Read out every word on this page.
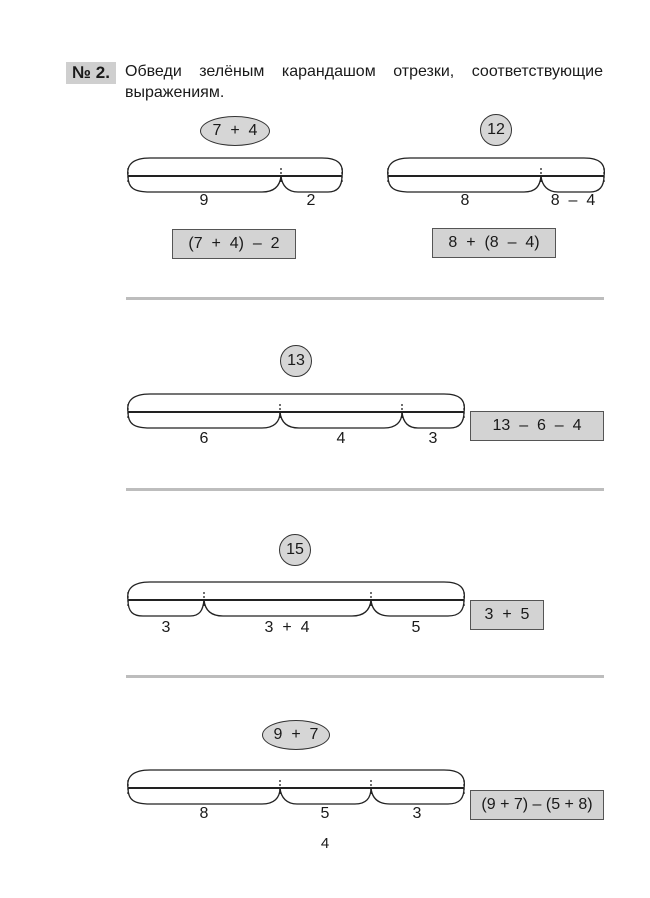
№ 2. Обведи зелёным карандашом отрезки, соответствующие выражениям.
7  +  4
9	2
(7  +  4)  –  2
12
8	8  –  4
8  +  (8  –  4)
13
6	4	3
13  –  6  –  4
15
3	3  +  4	5
3  +  5
9  +  7
8	5	3
(9 + 7) – (5 + 8)
4
